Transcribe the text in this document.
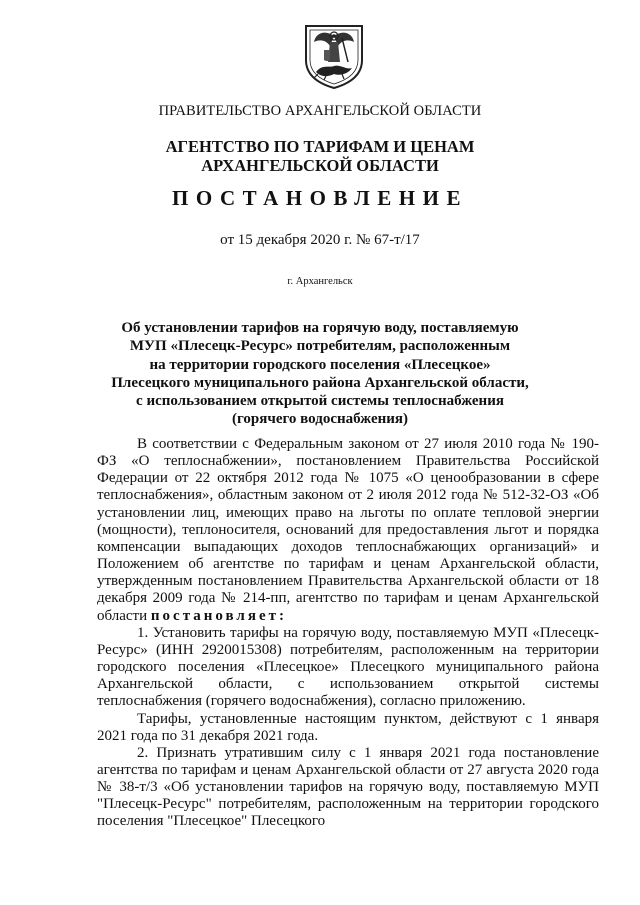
ПРАВИТЕЛЬСТВО АРХАНГЕЛЬСКОЙ ОБЛАСТИ

АГЕНТСТВО ПО ТАРИФАМ И ЦЕНАМ
АРХАНГЕЛЬСКОЙ ОБЛАСТИ

ПОСТАНОВЛЕНИЕ

от 15 декабря 2020 г. № 67-т/17

г. Архангельск

Об установлении тарифов на горячую воду, поставляемую
МУП «Плесецк-Ресурс» потребителям, расположенным
на территории городского поселения «Плесецкое»
Плесецкого муниципального района Архангельской области,
с использованием открытой системы теплоснабжения
(горячего водоснабжения)

В соответствии с Федеральным законом от 27 июля 2010 года № 190-ФЗ «О теплоснабжении», постановлением Правительства Российской Федерации от 22 октября 2012 года № 1075 «О ценообразовании в сфере теплоснабжения», областным законом от 2 июля 2012 года № 512-32-ОЗ «Об установлении лиц, имеющих право на льготы по оплате тепловой энергии (мощности), теплоносителя, оснований для предоставления льгот и порядка компенсации выпадающих доходов теплоснабжающих организаций» и Положением об агентстве по тарифам и ценам Архангельской области, утвержденным постановлением Правительства Архангельской области от 18 декабря 2009 года № 214-пп, агентство по тарифам и ценам Архангельской области постановляет:

1. Установить тарифы на горячую воду, поставляемую МУП «Плесецк-Ресурс» (ИНН 2920015308) потребителям, расположенным на территории городского поселения «Плесецкое» Плесецкого муниципального района Архангельской области, с использованием открытой системы теплоснабжения (горячего водоснабжения), согласно приложению.

Тарифы, установленные настоящим пунктом, действуют с 1 января 2021 года по 31 декабря 2021 года.

2. Признать утратившим силу с 1 января 2021 года постановление агентства по тарифам и ценам Архангельской области от 27 августа 2020 года № 38-т/3 «Об установлении тарифов на горячую воду, поставляемую МУП "Плесецк-Ресурс" потребителям, расположенным на территории городского поселения "Плесецкое" Плесецкого
